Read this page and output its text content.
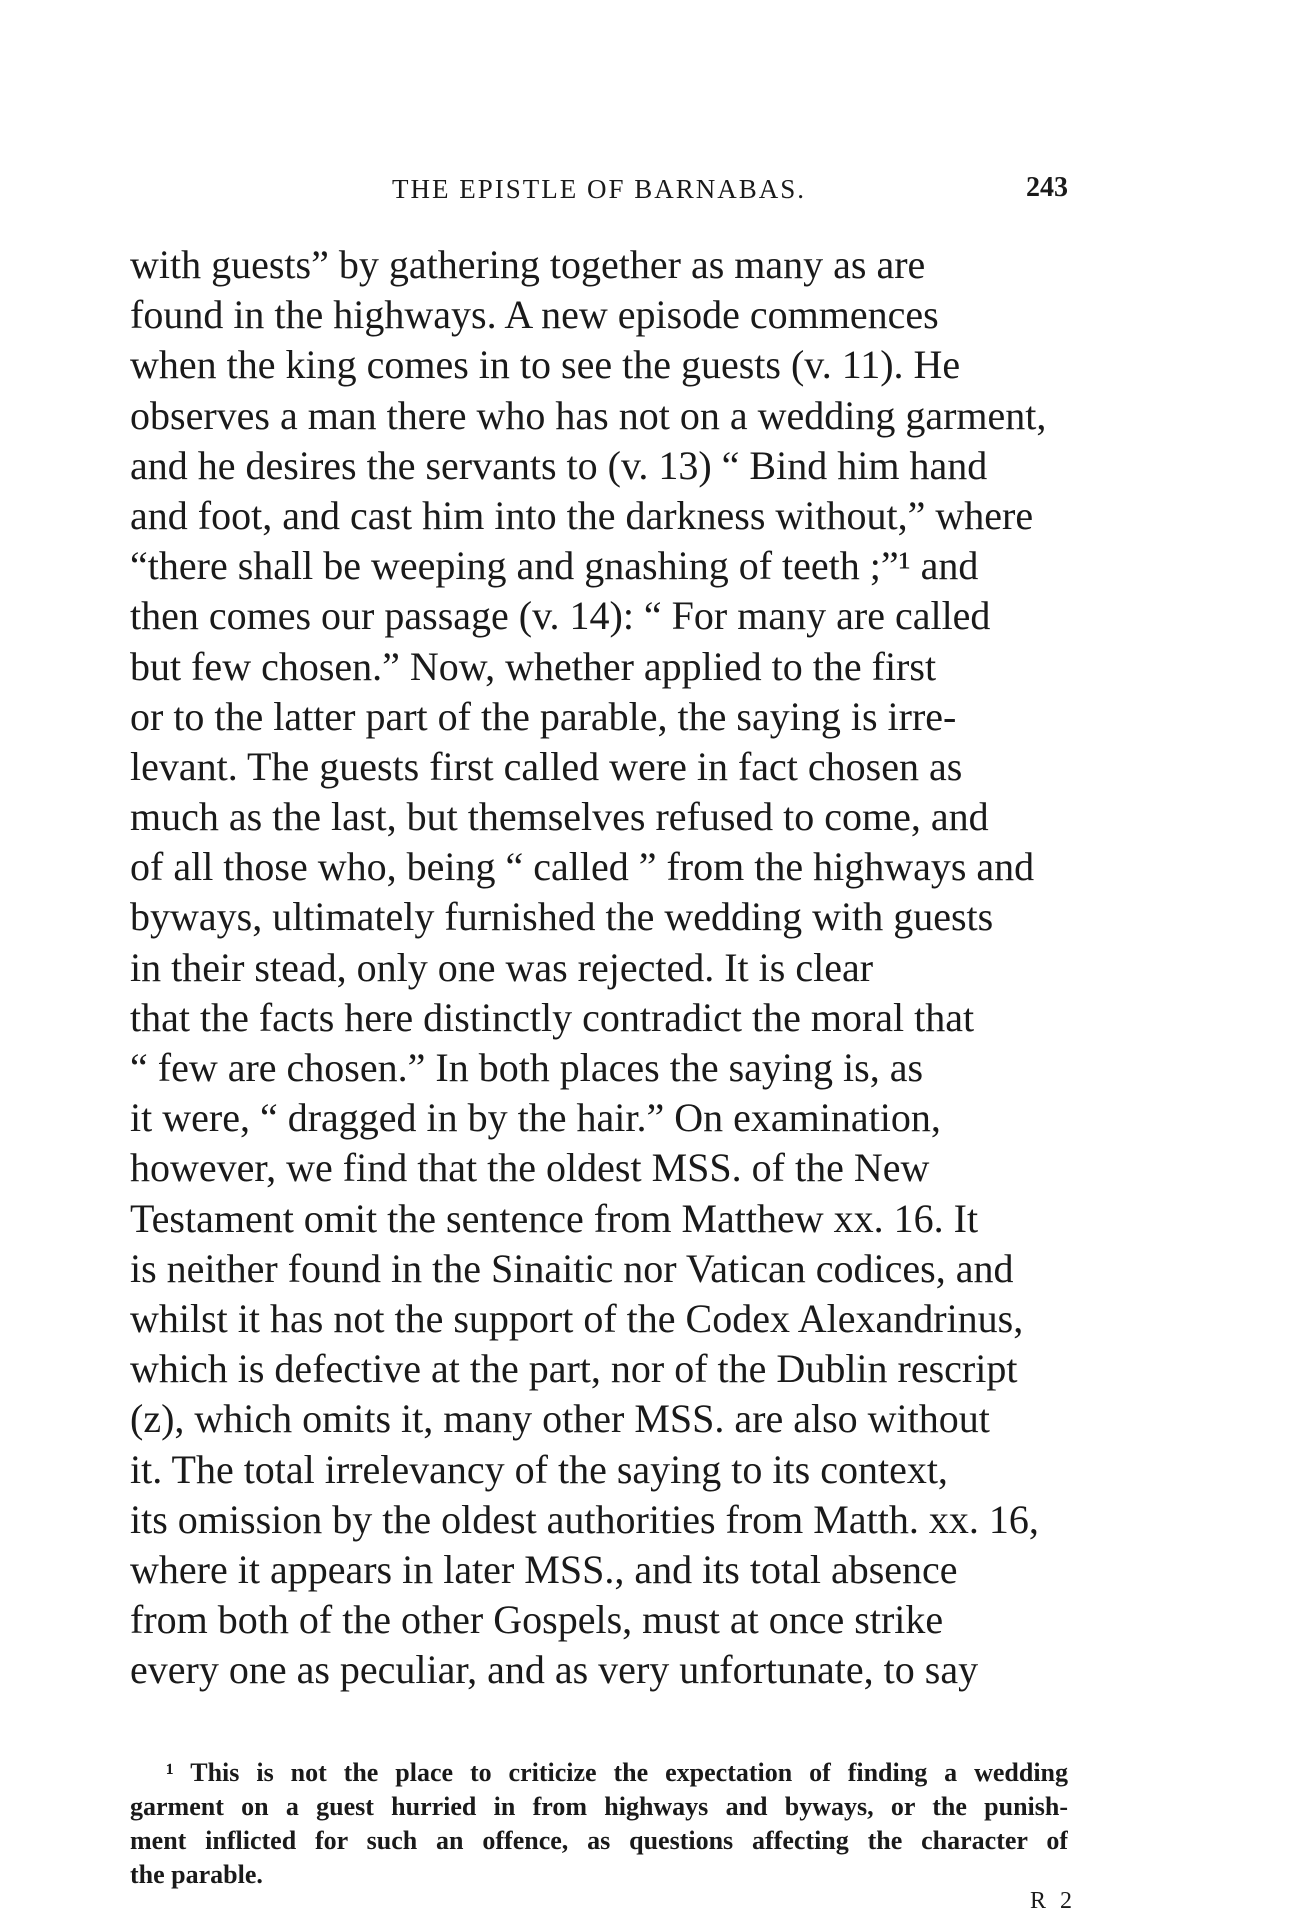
THE EPISTLE OF BARNABAS.	243
with guests” by gathering together as many as are
found in the highways. A new episode commences
when the king comes in to see the guests (v. 11). He
observes a man there who has not on a wedding garment,
and he desires the servants to (v. 13) “ Bind him hand
and foot, and cast him into the darkness without,” where
“there shall be weeping and gnashing of teeth ;”¹ and
then comes our passage (v. 14): “ For many are called
but few chosen.” Now, whether applied to the first
or to the latter part of the parable, the saying is irre-
levant. The guests first called were in fact chosen as
much as the last, but themselves refused to come, and
of all those who, being “ called ” from the highways and
byways, ultimately furnished the wedding with guests
in their stead, only one was rejected. It is clear
that the facts here distinctly contradict the moral that
“ few are chosen.” In both places the saying is, as
it were, “ dragged in by the hair.” On examination,
however, we find that the oldest MSS. of the New
Testament omit the sentence from Matthew xx. 16. It
is neither found in the Sinaitic nor Vatican codices, and
whilst it has not the support of the Codex Alexandrinus,
which is defective at the part, nor of the Dublin rescript
(z), which omits it, many other MSS. are also without
it. The total irrelevancy of the saying to its context,
its omission by the oldest authorities from Matth. xx. 16,
where it appears in later MSS., and its total absence
from both of the other Gospels, must at once strike
every one as peculiar, and as very unfortunate, to say
¹ This is not the place to criticize the expectation of finding a wedding
garment on a guest hurried in from highways and byways, or the punish-
ment inflicted for such an offence, as questions affecting the character of
the parable.
R 2
